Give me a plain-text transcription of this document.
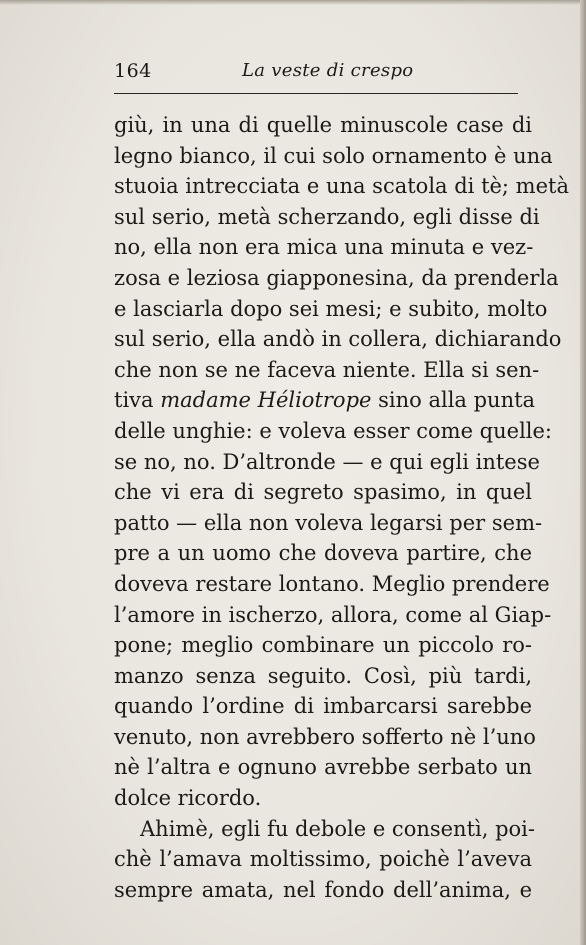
164	La veste di crespo
giù, in una di quelle minuscole case di
legno bianco, il cui solo ornamento è una
stuoia intrecciata e una scatola di tè; metà
sul serio, metà scherzando, egli disse di
no, ella non era mica una minuta e vez-
zosa e leziosa giapponesina, da prenderla
e lasciarla dopo sei mesi; e subito, molto
sul serio, ella andò in collera, dichiarando
che non se ne faceva niente. Ella si sen-
tiva madame Héliotrope sino alla punta
delle unghie: e voleva esser come quelle:
se no, no. D’altronde — e qui egli intese
che vi era di segreto spasimo, in quel
patto — ella non voleva legarsi per sem-
pre a un uomo che doveva partire, che
doveva restare lontano. Meglio prendere
l’amore in ischerzo, allora, come al Giap-
pone; meglio combinare un piccolo ro-
manzo senza seguito. Così, più tardi,
quando l’ordine di imbarcarsi sarebbe
venuto, non avrebbero sofferto nè l’uno
nè l’altra e ognuno avrebbe serbato un
dolce ricordo.
Ahimè, egli fu debole e consentì, poi-
chè l’amava moltissimo, poichè l’aveva
sempre amata, nel fondo dell’anima, e
